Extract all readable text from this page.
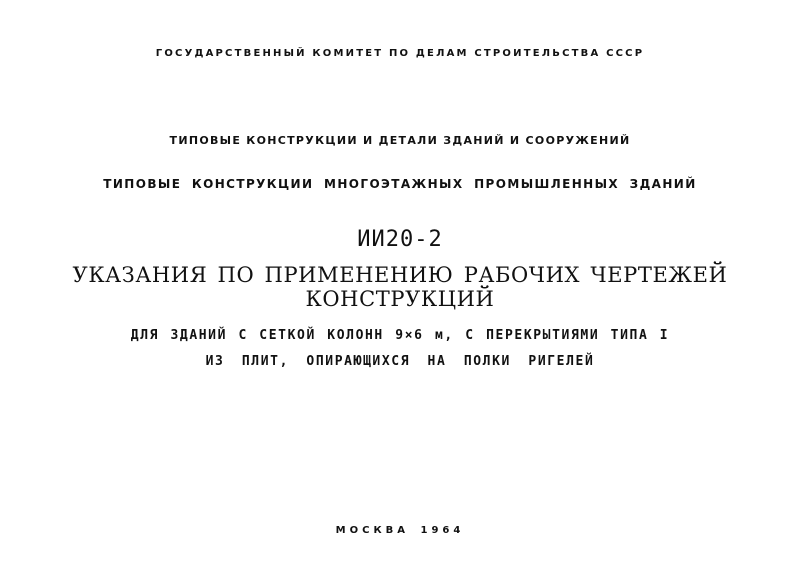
ГОСУДАРСТВЕННЫЙ КОМИТЕТ ПО ДЕЛАМ СТРОИТЕЛЬСТВА СССР
ТИПОВЫЕ КОНСТРУКЦИИ И ДЕТАЛИ ЗДАНИЙ И СООРУЖЕНИЙ
ТИПОВЫЕ КОНСТРУКЦИИ МНОГОЭТАЖНЫХ ПРОМЫШЛЕННЫХ ЗДАНИЙ
ИИ20-2
УКАЗАНИЯ ПО ПРИМЕНЕНИЮ РАБОЧИХ ЧЕРТЕЖЕЙ
КОНСТРУКЦИЙ
ДЛЯ ЗДАНИЙ С СЕТКОЙ КОЛОНН 9×6 м, С ПЕРЕКРЫТИЯМИ ТИПА I
ИЗ ПЛИТ, ОПИРАЮЩИХСЯ НА ПОЛКИ РИГЕЛЕЙ
МОСКВА 1964
